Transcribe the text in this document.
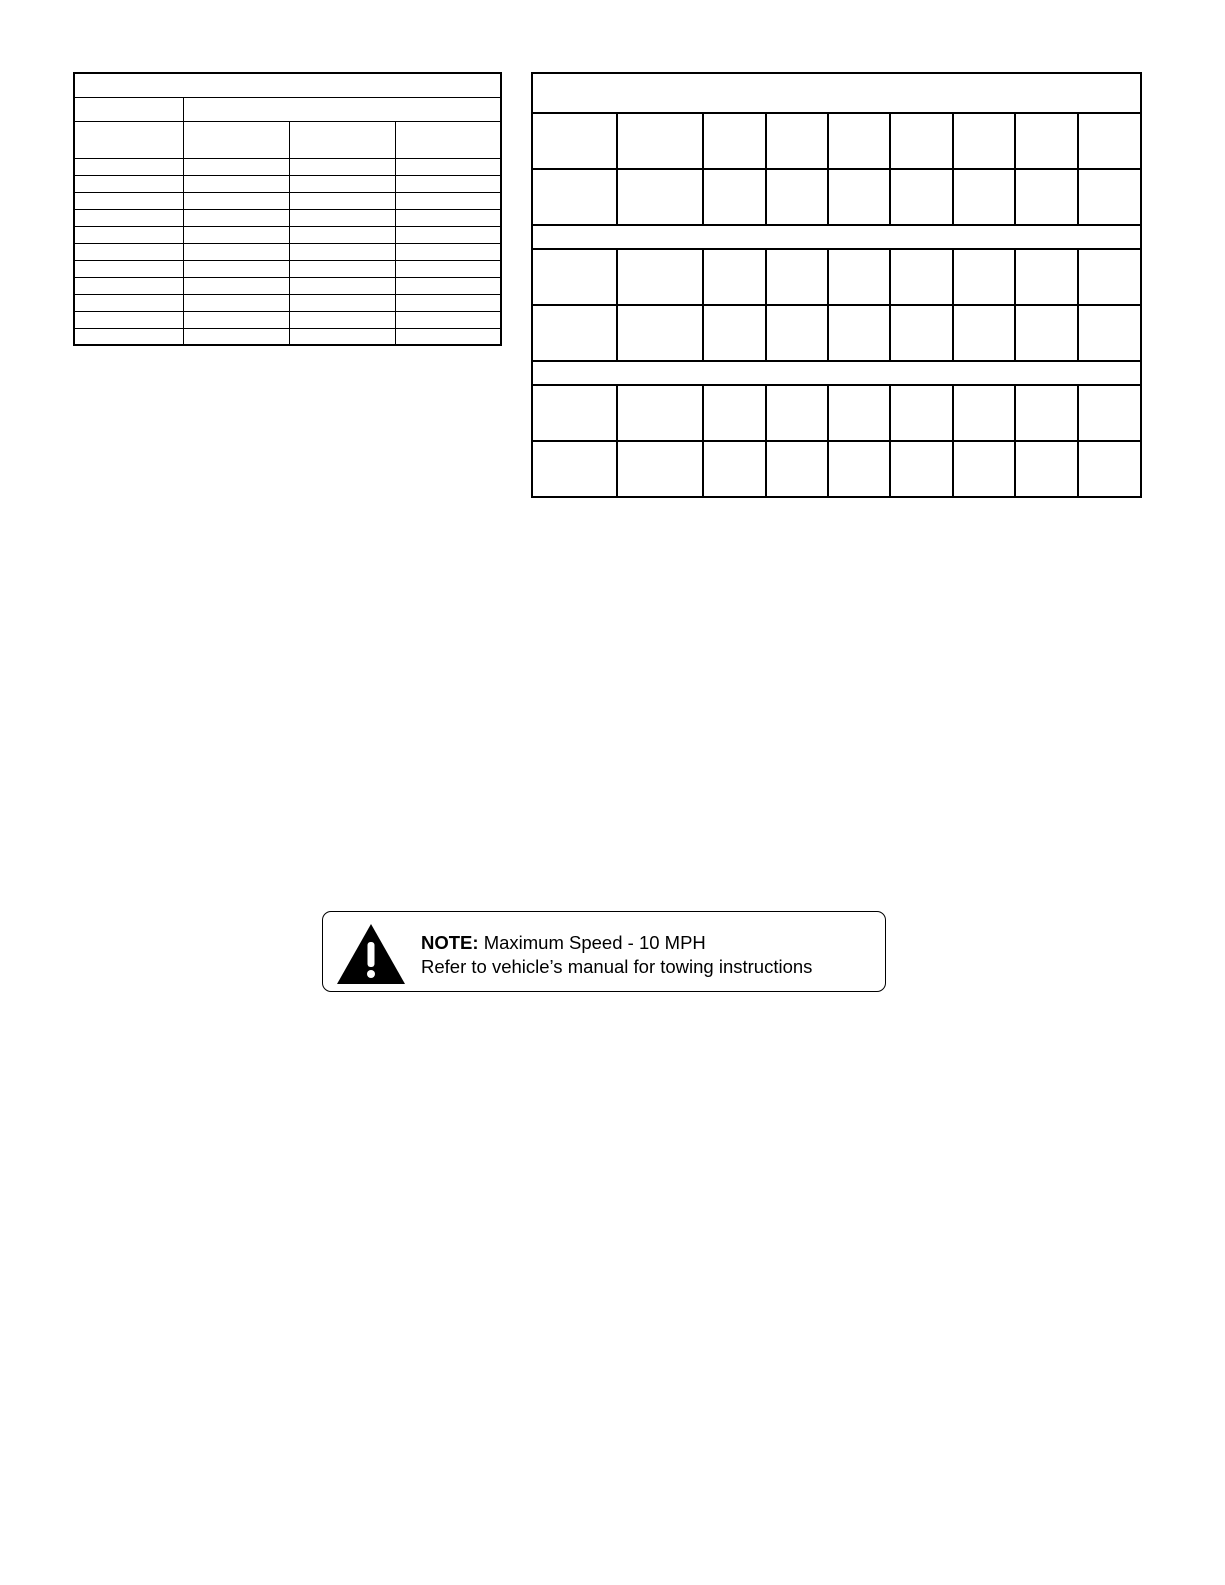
NOTE: Maximum Speed - 10 MPH
Refer to vehicle’s manual for towing instructions
